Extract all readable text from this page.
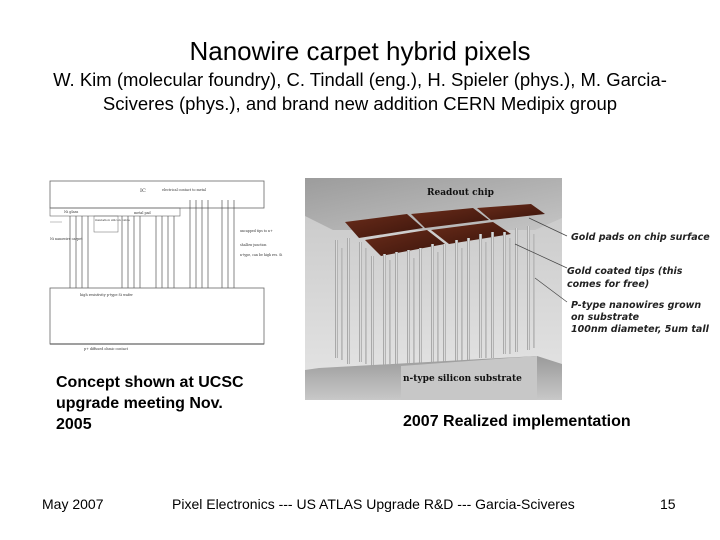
Nanowire carpet hybrid pixels
W. Kim (molecular foundry), C. Tindall (eng.), H. Spieler (phys.), M. Garcia-Sciveres (phys.), and brand new addition CERN Medipix group
IC	electrical contact to metal
Ni glass	metal pad
insulation silicon oxide
Ni nanowire carpet
uncapped tips to n+
shallow junction
n-type, can be high res. Si
high resistivity p-type Si wafer
p+ diffused ohmic contact
Concept shown at UCSC upgrade meeting Nov. 2005
Readout chip
n-type silicon substrate
Gold pads on chip surface
Gold coated tips (this
comes for free)
P-type nanowires grown
on substrate
100nm diameter, 5um tall
2007 Realized implementation
May 2007	Pixel Electronics --- US ATLAS Upgrade R&D --- Garcia-Sciveres	15
